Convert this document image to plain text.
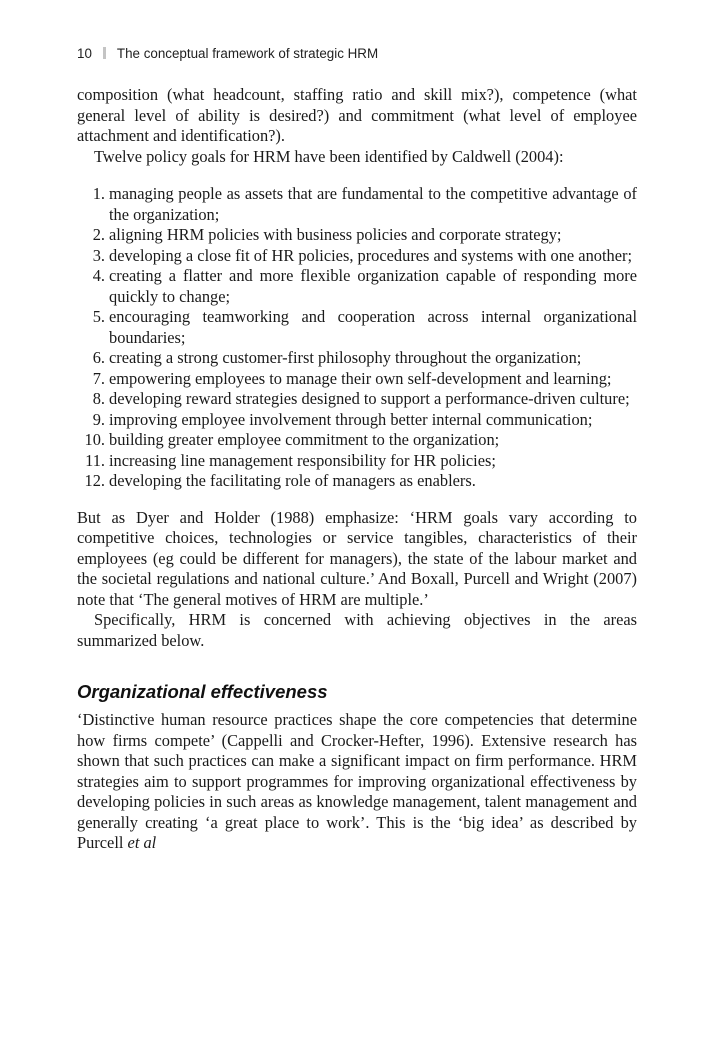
10 The conceptual framework of strategic HRM

composition (what headcount, staffing ratio and skill mix?), competence (what general level of ability is desired?) and commitment (what level of employee attachment and identification?).

Twelve policy goals for HRM have been identified by Caldwell (2004):

1. managing people as assets that are fundamental to the competitive advantage of the organization;
2. aligning HRM policies with business policies and corporate strategy;
3. developing a close fit of HR policies, procedures and systems with one another;
4. creating a flatter and more flexible organization capable of responding more quickly to change;
5. encouraging teamworking and cooperation across internal organizational boundaries;
6. creating a strong customer-first philosophy throughout the organization;
7. empowering employees to manage their own self-development and learning;
8. developing reward strategies designed to support a performance-driven culture;
9. improving employee involvement through better internal communication;
10. building greater employee commitment to the organization;
11. increasing line management responsibility for HR policies;
12. developing the facilitating role of managers as enablers.

But as Dyer and Holder (1988) emphasize: ‘HRM goals vary according to competitive choices, technologies or service tangibles, characteristics of their employees (eg could be different for managers), the state of the labour market and the societal regulations and national culture.’ And Boxall, Purcell and Wright (2007) note that ‘The general motives of HRM are multiple.’

Specifically, HRM is concerned with achieving objectives in the areas summarized below.

Organizational effectiveness

‘Distinctive human resource practices shape the core competencies that determine how firms compete’ (Cappelli and Crocker-Hefter, 1996). Extensive research has shown that such practices can make a significant impact on firm performance. HRM strategies aim to support programmes for improving organizational effectiveness by developing policies in such areas as knowledge management, talent management and generally creating ‘a great place to work’. This is the ‘big idea’ as described by Purcell et al
